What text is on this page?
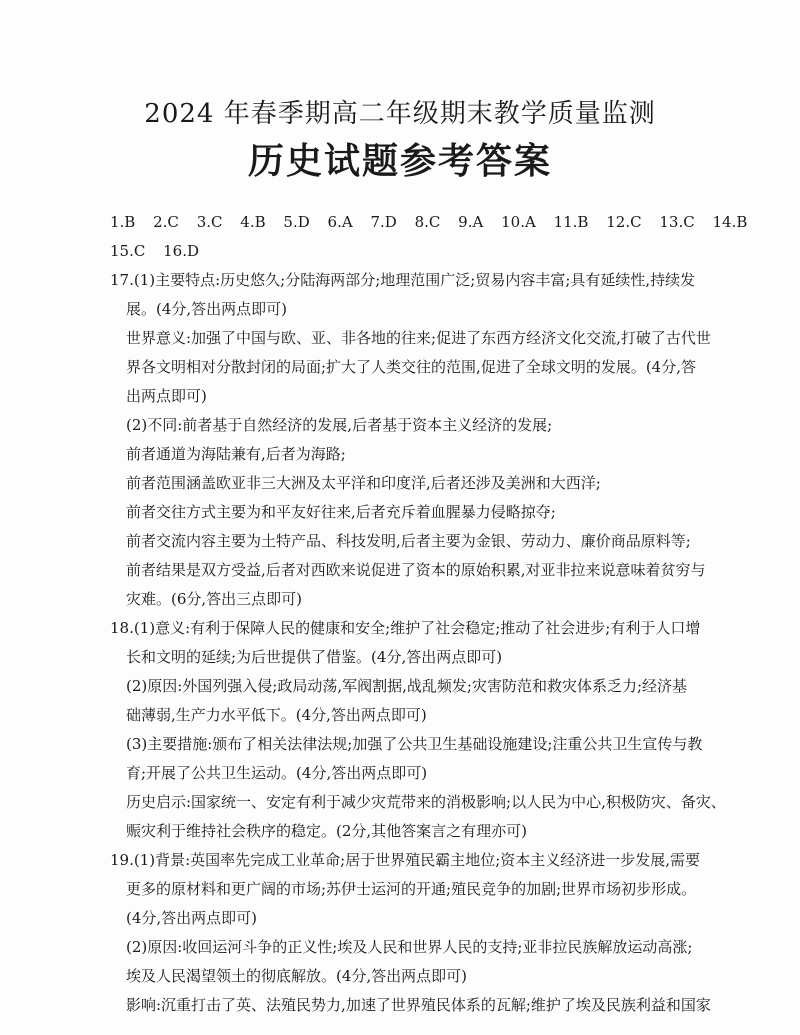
2024 年春季期高二年级期末教学质量监测
历史试题参考答案
1.B 2.C 3.C 4.B 5.D 6.A 7.D 8.C 9.A 10.A 11.B 12.C 13.C 14.B
15.C 16.D
17.(1)主要特点:历史悠久;分陆海两部分;地理范围广泛;贸易内容丰富;具有延续性,持续发
展。(4分,答出两点即可)
世界意义:加强了中国与欧、亚、非各地的往来;促进了东西方经济文化交流,打破了古代世
界各文明相对分散封闭的局面;扩大了人类交往的范围,促进了全球文明的发展。(4分,答
出两点即可)
(2)不同:前者基于自然经济的发展,后者基于资本主义经济的发展;
前者通道为海陆兼有,后者为海路;
前者范围涵盖欧亚非三大洲及太平洋和印度洋,后者还涉及美洲和大西洋;
前者交往方式主要为和平友好往来,后者充斥着血腥暴力侵略掠夺;
前者交流内容主要为土特产品、科技发明,后者主要为金银、劳动力、廉价商品原料等;
前者结果是双方受益,后者对西欧来说促进了资本的原始积累,对亚非拉来说意味着贫穷与
灾难。(6分,答出三点即可)
18.(1)意义:有利于保障人民的健康和安全;维护了社会稳定;推动了社会进步;有利于人口增
长和文明的延续;为后世提供了借鉴。(4分,答出两点即可)
(2)原因:外国列强入侵;政局动荡,军阀割据,战乱频发;灾害防范和救灾体系乏力;经济基
础薄弱,生产力水平低下。(4分,答出两点即可)
(3)主要措施:颁布了相关法律法规;加强了公共卫生基础设施建设;注重公共卫生宣传与教
育;开展了公共卫生运动。(4分,答出两点即可)
历史启示:国家统一、安定有利于减少灾荒带来的消极影响;以人民为中心,积极防灾、备灾、
赈灾利于维持社会秩序的稳定。(2分,其他答案言之有理亦可)
19.(1)背景:英国率先完成工业革命;居于世界殖民霸主地位;资本主义经济进一步发展,需要
更多的原材料和更广阔的市场;苏伊士运河的开通;殖民竞争的加剧;世界市场初步形成。
(4分,答出两点即可)
(2)原因:收回运河斗争的正义性;埃及人民和世界人民的支持;亚非拉民族解放运动高涨;
埃及人民渴望领土的彻底解放。(4分,答出两点即可)
影响:沉重打击了英、法殖民势力,加速了世界殖民体系的瓦解;维护了埃及民族利益和国家
